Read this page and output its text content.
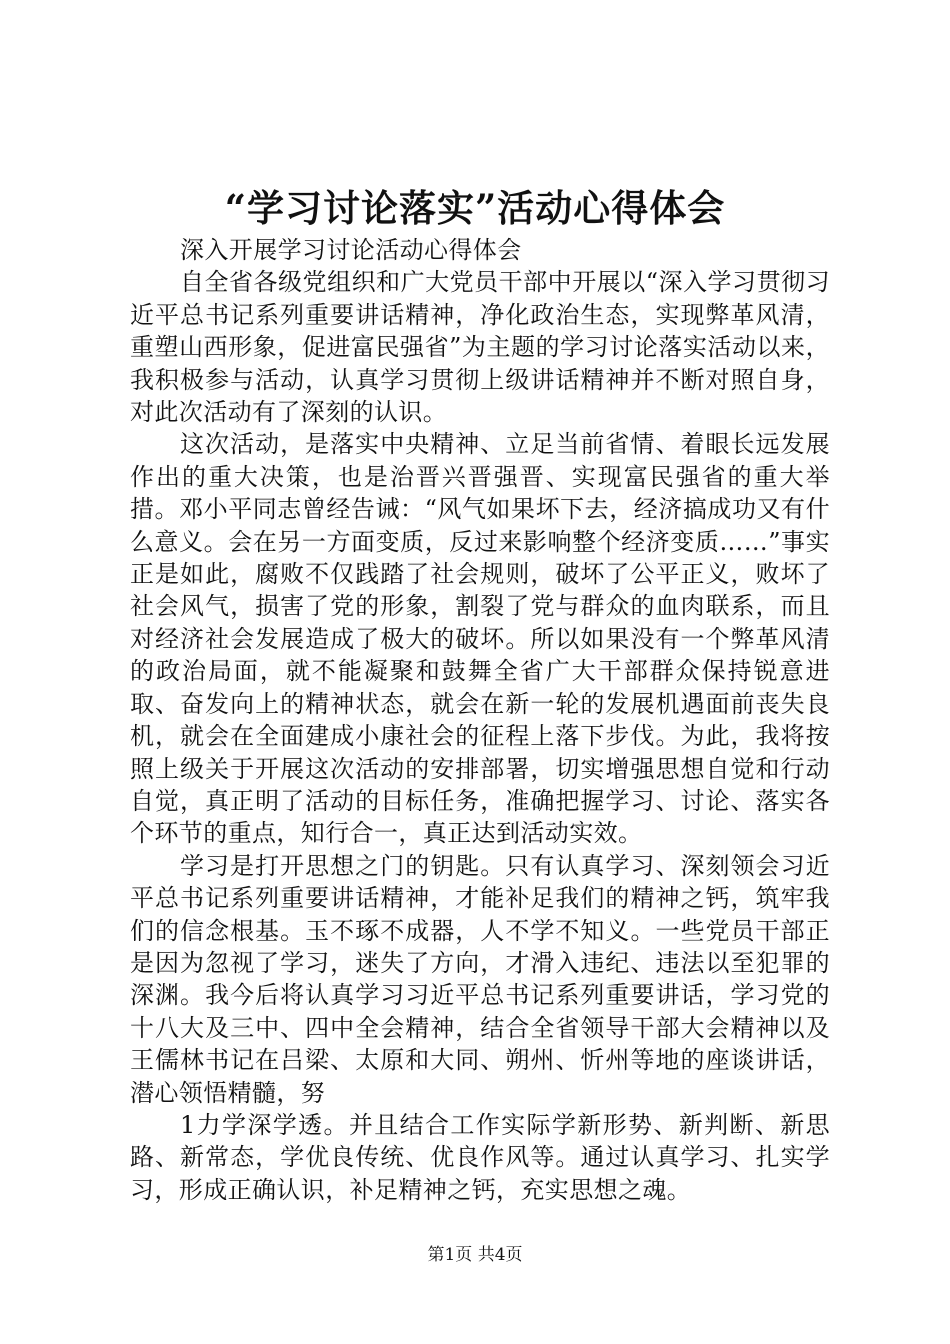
“学习讨论落实”活动心得体会

深入开展学习讨论活动心得体会

自全省各级党组织和广大党员干部中开展以“深入学习贯彻习近平总书记系列重要讲话精神，净化政治生态，实现弊革风清，重塑山西形象，促进富民强省”为主题的学习讨论落实活动以来，我积极参与活动，认真学习贯彻上级讲话精神并不断对照自身，对此次活动有了深刻的认识。

这次活动，是落实中央精神、立足当前省情、着眼长远发展作出的重大决策，也是治晋兴晋强晋、实现富民强省的重大举措。邓小平同志曾经告诫：“风气如果坏下去，经济搞成功又有什么意义。会在另一方面变质，反过来影响整个经济变质……”事实正是如此，腐败不仅践踏了社会规则，破坏了公平正义，败坏了社会风气，损害了党的形象，割裂了党与群众的血肉联系，而且对经济社会发展造成了极大的破坏。所以如果没有一个弊革风清的政治局面，就不能凝聚和鼓舞全省广大干部群众保持锐意进取、奋发向上的精神状态，就会在新一轮的发展机遇面前丧失良机，就会在全面建成小康社会的征程上落下步伐。为此，我将按照上级关于开展这次活动的安排部署，切实增强思想自觉和行动自觉，真正明了活动的目标任务，准确把握学习、讨论、落实各个环节的重点，知行合一，真正达到活动实效。

学习是打开思想之门的钥匙。只有认真学习、深刻领会习近平总书记系列重要讲话精神，才能补足我们的精神之钙，筑牢我们的信念根基。玉不琢不成器，人不学不知义。一些党员干部正是因为忽视了学习，迷失了方向，才滑入违纪、违法以至犯罪的深渊。我今后将认真学习习近平总书记系列重要讲话，学习党的十八大及三中、四中全会精神，结合全省领导干部大会精神以及王儒林书记在吕梁、太原和大同、朔州、忻州等地的座谈讲话，潜心领悟精髓，努

1力学深学透。并且结合工作实际学新形势、新判断、新思路、新常态，学优良传统、优良作风等。通过认真学习、扎实学习，形成正确认识，补足精神之钙，充实思想之魂。

第1页 共4页
